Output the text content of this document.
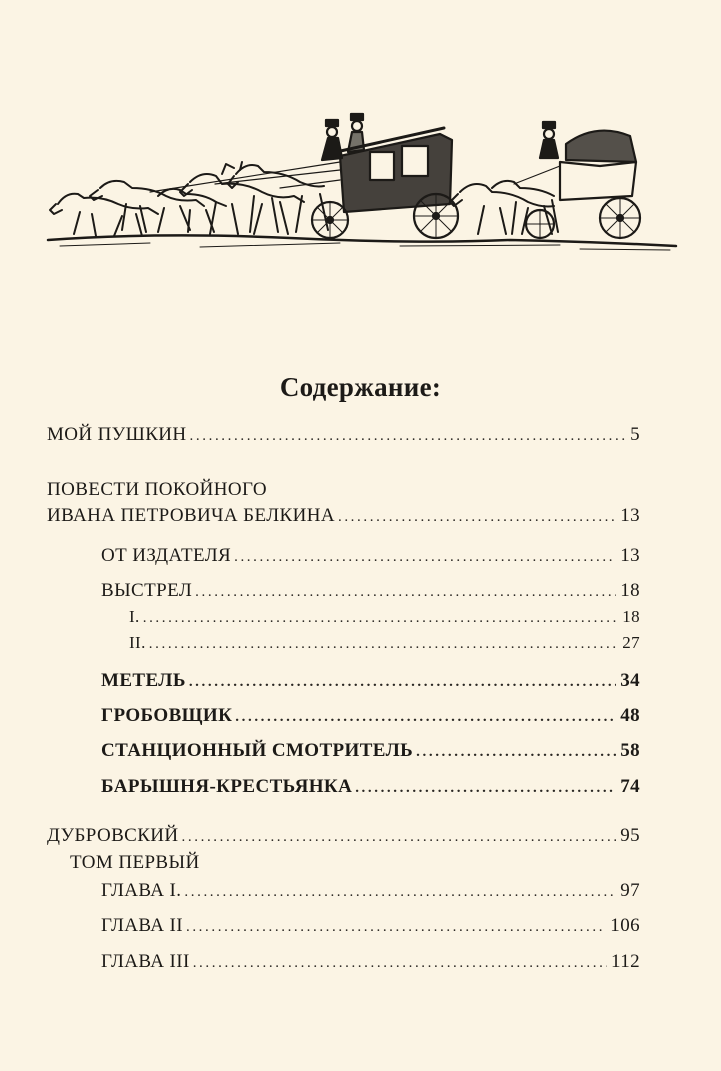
Содержание:
МОЙ ПУШКИН .....	5
ПОВЕСТИ ПОКОЙНОГО
ИВАНА ПЕТРОВИЧА БЕЛКИНА .....	13
ОТ ИЗДАТЕЛЯ .....	13
ВЫСТРЕЛ .....	18
I. .....	18
II. .....	27
МЕТЕЛЬ .....	34
ГРОБОВЩИК .....	48
СТАНЦИОННЫЙ СМОТРИТЕЛЬ .....	58
БАРЫШНЯ-КРЕСТЬЯНКА .....	74
ДУБРОВСКИЙ .....	95
ТОМ ПЕРВЫЙ
ГЛАВА I. .....	97
ГЛАВА II .....	106
ГЛАВА III .....	112
